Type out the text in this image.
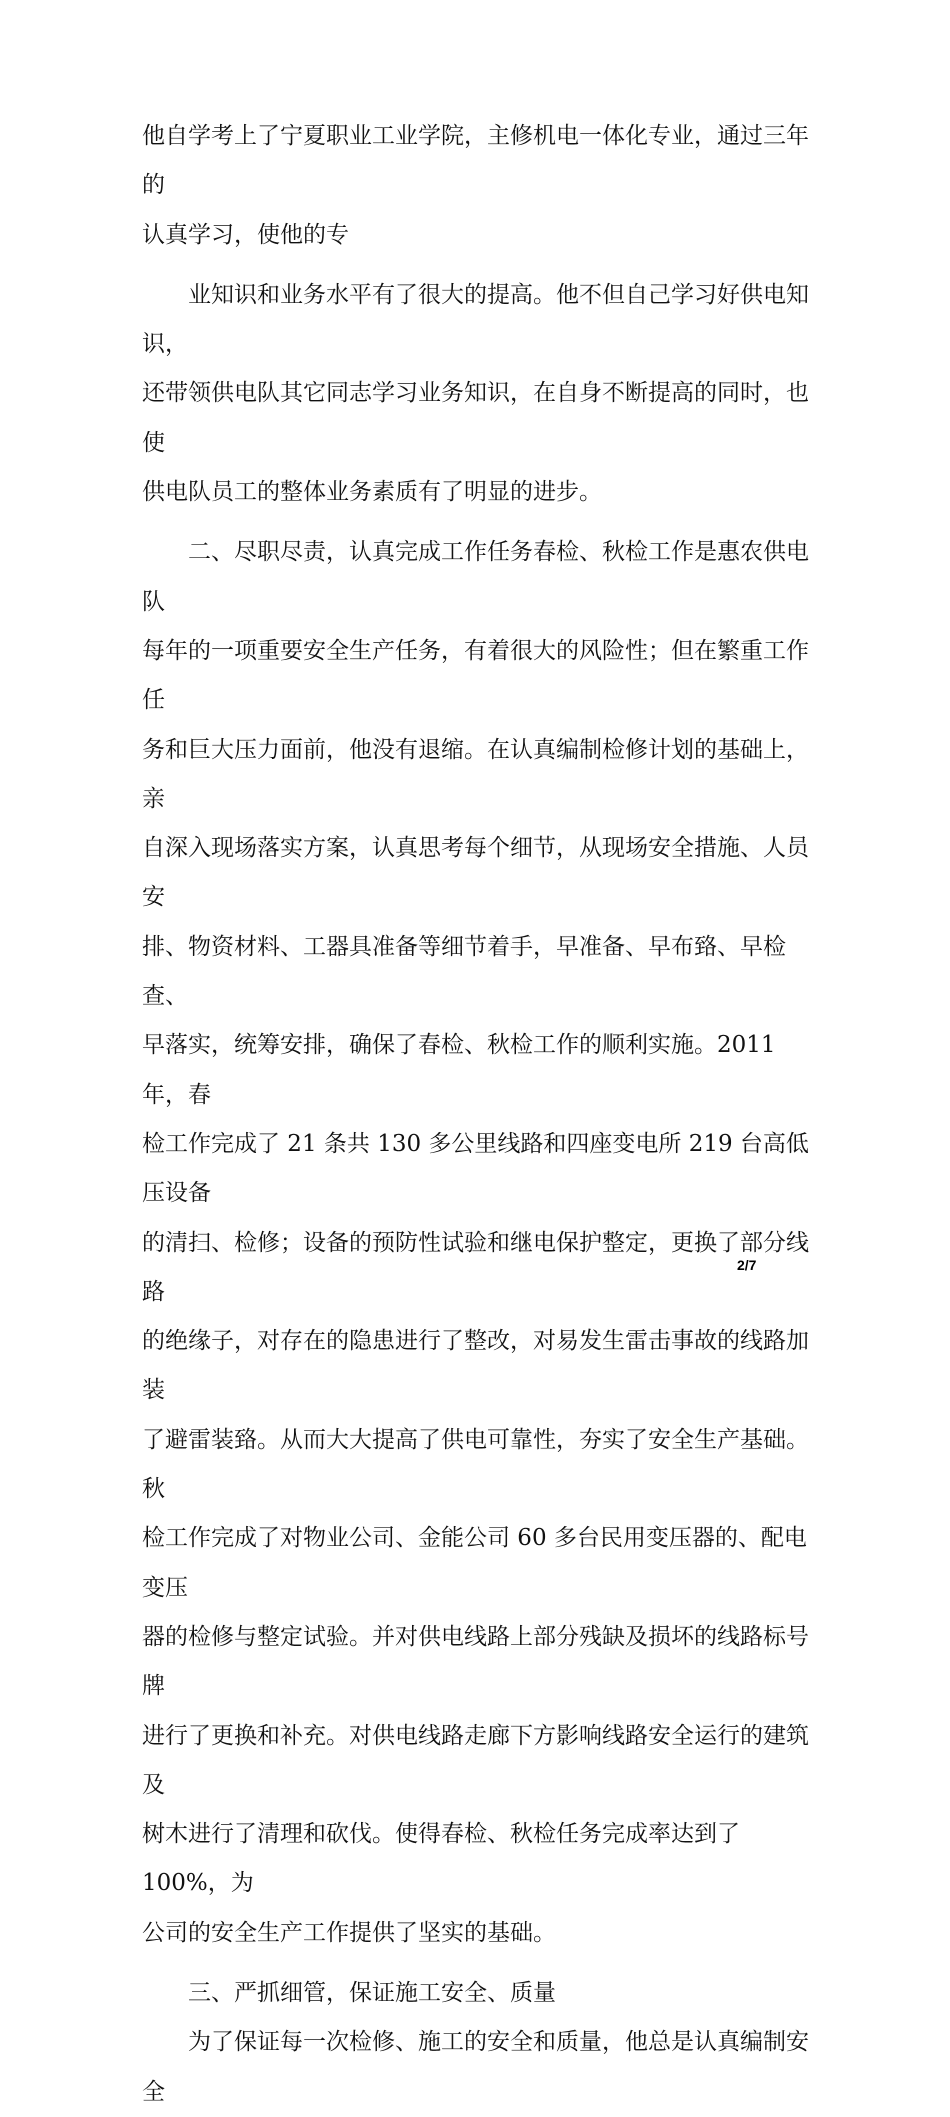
他自学考上了宁夏职业工业学院，主修机电一体化专业，通过三年的
认真学习，使他的专

业知识和业务水平有了很大的提高。他不但自己学习好供电知识，
还带领供电队其它同志学习业务知识，在自身不断提高的同时，也使
供电队员工的整体业务素质有了明显的进步。

二、尽职尽责，认真完成工作任务春检、秋检工作是惠农供电队
每年的一项重要安全生产任务，有着很大的风险性；但在繁重工作任
务和巨大压力面前，他没有退缩。在认真编制检修计划的基础上，亲
自深入现场落实方案，认真思考每个细节，从现场安全措施、人员安
排、物资材料、工器具准备等细节着手，早准备、早布臵、早检查、
早落实，统筹安排，确保了春检、秋检工作的顺利实施。2011 年，春
检工作完成了 21 条共 130 多公里线路和四座变电所 219 台高低压设备
的清扫、检修；设备的预防性试验和继电保护整定，更换了部分线路
的绝缘子，对存在的隐患进行了整改，对易发生雷击事故的线路加装
了避雷装臵。从而大大提高了供电可靠性，夯实了安全生产基础。秋
检工作完成了对物业公司、金能公司 60 多台民用变压器的、配电变压
器的检修与整定试验。并对供电线路上部分残缺及损坏的线路标号牌
进行了更换和补充。对供电线路走廊下方影响线路安全运行的建筑及
树木进行了清理和砍伐。使得春检、秋检任务完成率达到了 100%，为
公司的安全生产工作提供了坚实的基础。

三、严抓细管，保证施工安全、质量

为了保证每一次检修、施工的安全和质量，他总是认真编制安全

2/7
